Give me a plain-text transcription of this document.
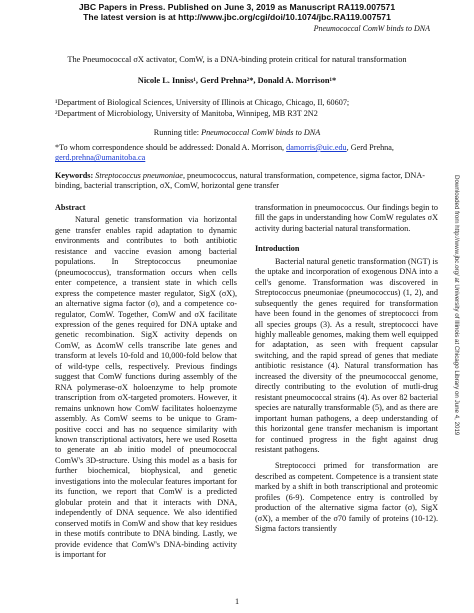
JBC Papers in Press. Published on June 3, 2019 as Manuscript RA119.007571
The latest version is at http://www.jbc.org/cgi/doi/10.1074/jbc.RA119.007571
Pneumococcal ComW binds to DNA
The Pneumococcal σX activator, ComW, is a DNA-binding protein critical for natural transformation
Nicole L. Inniss¹, Gerd Prehna²*, Donald A. Morrison¹*
¹Department of Biological Sciences, University of Illinois at Chicago, Chicago, Il, 60607;
²Department of Microbiology, University of Manitoba, Winnipeg, MB R3T 2N2
Running title: Pneumococcal ComW binds to DNA
*To whom correspondence should be addressed: Donald A. Morrison, damorris@uic.edu, Gerd Prehna, gerd.prehna@umanitoba.ca
Keywords: Streptococcus pneumoniae, pneumococcus, natural transformation, competence, sigma factor, DNA-binding, bacterial transcription, σX, ComW, horizontal gene transfer
Abstract
Natural genetic transformation via horizontal gene transfer enables rapid adaptation to dynamic environments and contributes to both antibiotic resistance and vaccine evasion among bacterial populations. In Streptococcus pneumoniae (pneumococcus), transformation occurs when cells enter competence, a transient state in which cells express the competence master regulator, SigX (σX), an alternative sigma factor (σ), and a competence co-regulator, ComW. Together, ComW and σX facilitate expression of the genes required for DNA uptake and genetic recombination. SigX activity depends on ComW, as ΔcomW cells transcribe late genes and transform at levels 10-fold and 10,000-fold below that of wild-type cells, respectively. Previous findings suggest that ComW functions during assembly of the RNA polymerase-σX holoenzyme to help promote transcription from σX-targeted promoters. However, it remains unknown how ComW facilitates holoenzyme assembly. As ComW seems to be unique to Gram-positive cocci and has no sequence similarity with known transcriptional activators, here we used Rosetta to generate an ab initio model of pneumococcal ComW's 3D-structure. Using this model as a basis for further biochemical, biophysical, and genetic investigations into the molecular features important for its function, we report that ComW is a predicted globular protein and that it interacts with DNA, independently of DNA sequence. We also identified conserved motifs in ComW and show that key residues in these motifs contribute to DNA binding. Lastly, we provide evidence that ComW's DNA-binding activity is important for
transformation in pneumococcus. Our findings begin to fill the gaps in understanding how ComW regulates σX activity during bacterial natural transformation.
Introduction
Bacterial natural genetic transformation (NGT) is the uptake and incorporation of exogenous DNA into a cell's genome. Transformation was discovered in Streptococcus pneumoniae (pneumococcus) (1, 2), and subsequently the genes required for transformation have been found in the genomes of streptococci from all species groups (3). As a result, streptococci have highly malleable genomes, making them well equipped for adaptation, as seen with frequent capsular switching, and the rapid spread of genes that mediate antibiotic resistance (4). Natural transformation has increased the diversity of the pneumococcal genome, directly contributing to the evolution of mutli-drug resistant pneumococcal strains (4). As over 82 bacterial species are naturally transformable (5), and as there are important human pathogens, a deep understanding of this horizontal gene transfer mechanism is important for continued progress in the fight against drug resistant pathogens.
Streptococci primed for transformation are described as competent. Competence is a transient state marked by a shift in both transcriptional and proteomic profiles (6-9). Competence entry is controlled by production of the alternative sigma factor (σ), SigX (σX), a member of the σ70 family of proteins (10-12). Sigma factors transiently
Downloaded from http://www.jbc.org/ at University of Illinois at Chicago Library on June 4, 2019
1
